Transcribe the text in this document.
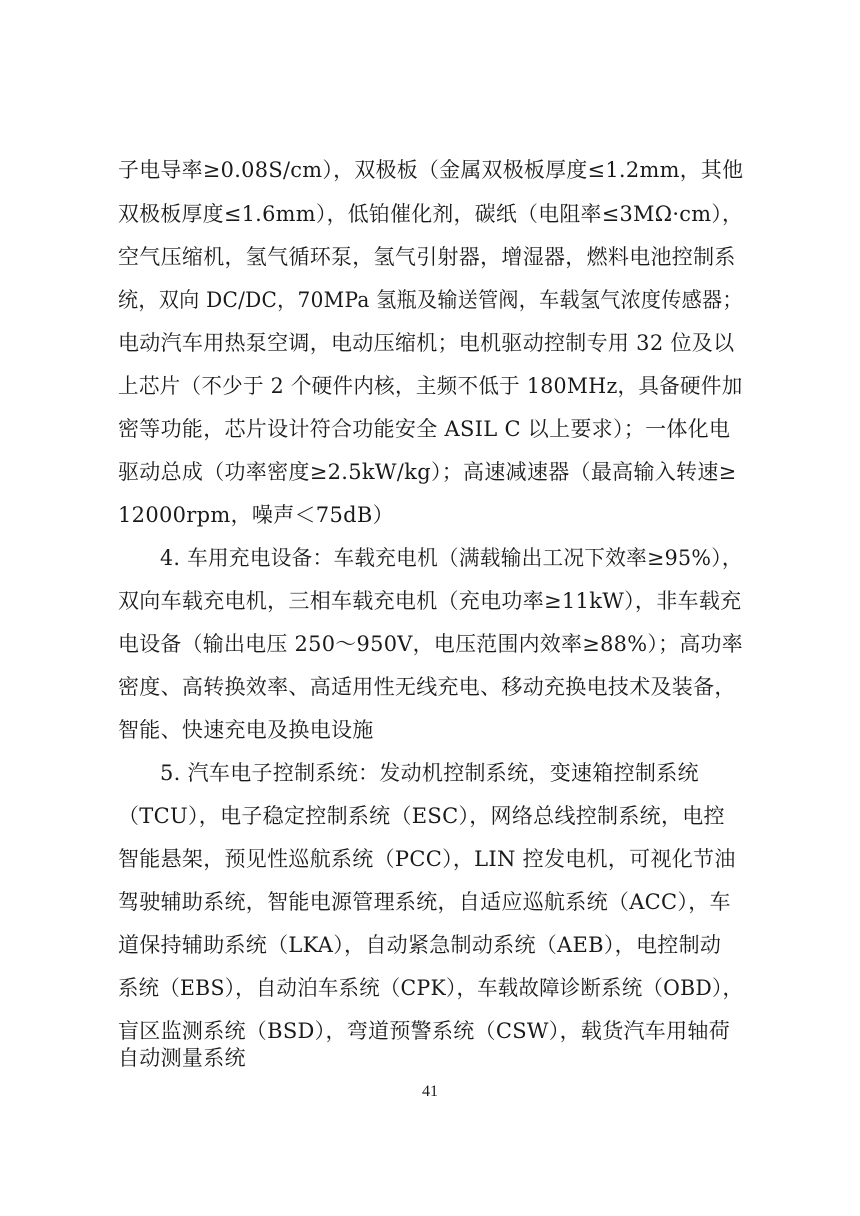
子电导率≥0.08S/cm），双极板（金属双极板厚度≤1.2mm，其他
双极板厚度≤1.6mm），低铂催化剂，碳纸（电阻率≤3MΩ·cm），
空气压缩机，氢气循环泵，氢气引射器，增湿器，燃料电池控制系
统，双向 DC/DC，70MPa 氢瓶及输送管阀，车载氢气浓度传感器；
电动汽车用热泵空调，电动压缩机；电机驱动控制专用 32 位及以
上芯片（不少于 2 个硬件内核，主频不低于 180MHz，具备硬件加
密等功能，芯片设计符合功能安全 ASIL C 以上要求）；一体化电
驱动总成（功率密度≥2.5kW/kg）；高速减速器（最高输入转速≥
12000rpm，噪声＜75dB）
4. 车用充电设备：车载充电机（满载输出工况下效率≥95%），
双向车载充电机，三相车载充电机（充电功率≥11kW），非车载充
电设备（输出电压 250～950V，电压范围内效率≥88%）；高功率
密度、高转换效率、高适用性无线充电、移动充换电技术及装备，
智能、快速充电及换电设施
5. 汽车电子控制系统：发动机控制系统，变速箱控制系统
（TCU），电子稳定控制系统（ESC），网络总线控制系统，电控
智能悬架，预见性巡航系统（PCC），LIN 控发电机，可视化节油
驾驶辅助系统，智能电源管理系统，自适应巡航系统（ACC），车
道保持辅助系统（LKA），自动紧急制动系统（AEB），电控制动
系统（EBS），自动泊车系统（CPK），车载故障诊断系统（OBD），
盲区监测系统（BSD），弯道预警系统（CSW），载货汽车用轴荷
自动测量系统
41
